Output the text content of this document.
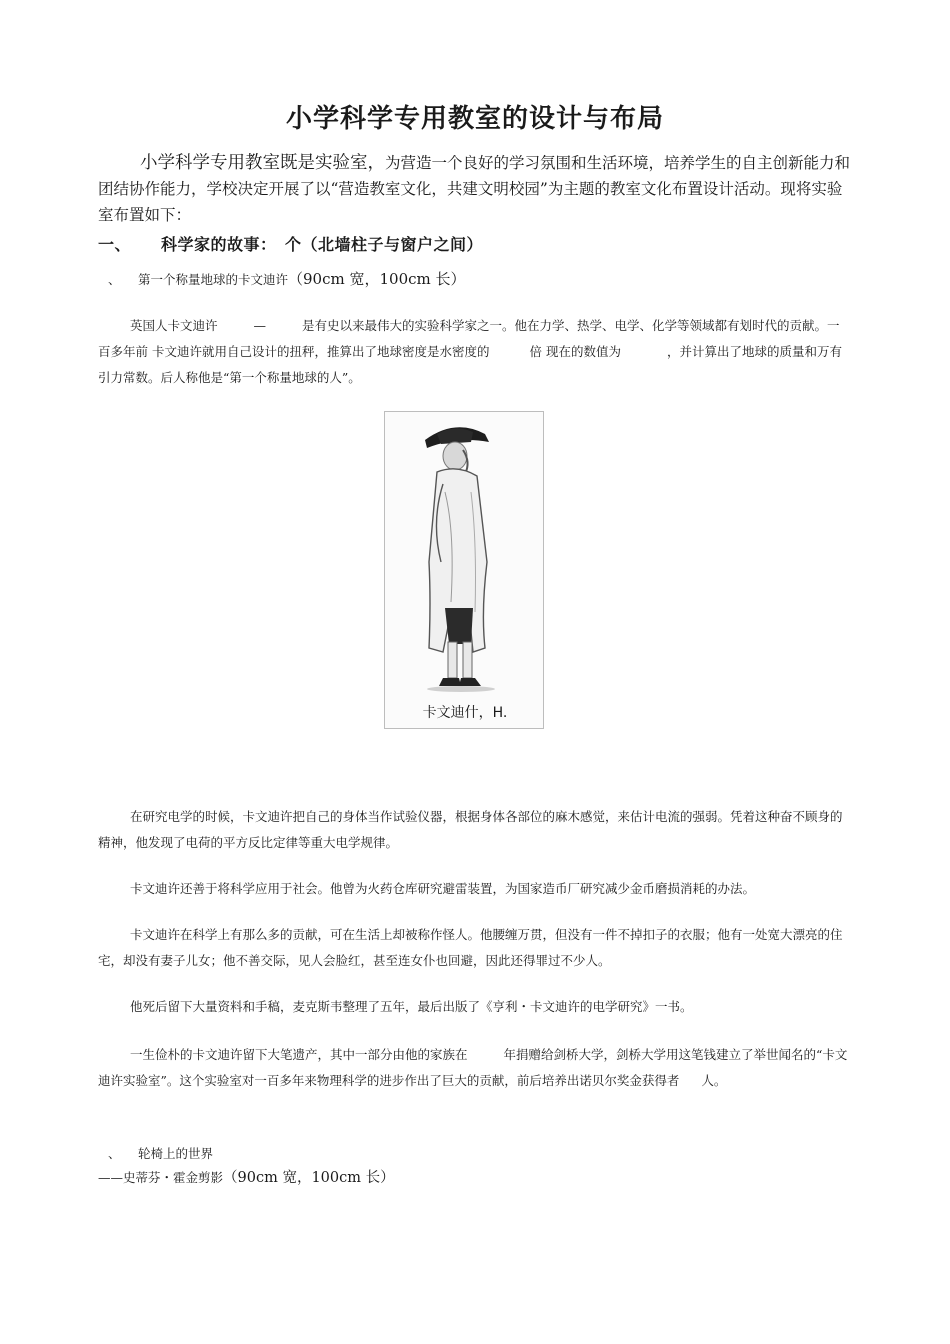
小学科学专用教室的设计与布局

小学科学专用教室既是实验室，为营造一个良好的学习氛围和生活环境，培养学生的自主创新能力和团结协作能力，学校决定开展了以“营造教室文化，共建文明校园”为主题的教室文化布置设计活动。现将实验室布置如下：

一、 科学家的故事：　个（北墙柱子与窗户之间）
、 第一个称量地球的卡文迪许（90cm 宽，100cm 长）

英国人卡文迪许	—	是有史以来最伟大的实验科学家之一。他在力学、热学、电学、化学等领域都有划时代的贡献。一百多年前 卡文迪许就用自己设计的扭秤，推算出了地球密度是水密度的	倍 现在的数值为	，并计算出了地球的质量和万有引力常数。后人称他是“第一个称量地球的人”。

卡文迪什，H.

在研究电学的时候，卡文迪许把自己的身体当作试验仪器，根据身体各部位的麻木感觉，来估计电流的强弱。凭着这种奋不顾身的精神，他发现了电荷的平方反比定律等重大电学规律。

卡文迪许还善于将科学应用于社会。他曾为火药仓库研究避雷装置，为国家造币厂研究减少金币磨损消耗的办法。

卡文迪许在科学上有那么多的贡献，可在生活上却被称作怪人。他腰缠万贯，但没有一件不掉扣子的衣服；他有一处宽大漂亮的住宅，却没有妻子儿女；他不善交际，见人会脸红，甚至连女仆也回避，因此还得罪过不少人。

他死后留下大量资料和手稿，麦克斯韦整理了五年，最后出版了《亨利・卡文迪许的电学研究》一书。

一生俭朴的卡文迪许留下大笔遗产，其中一部分由他的家族在	年捐赠给剑桥大学，剑桥大学用这笔钱建立了举世闻名的“卡文迪许实验室”。这个实验室对一百多年来物理科学的进步作出了巨大的贡献，前后培养出诺贝尔奖金获得者 人。

、 轮椅上的世界
——史蒂芬・霍金剪影（90cm 宽，100cm 长）
